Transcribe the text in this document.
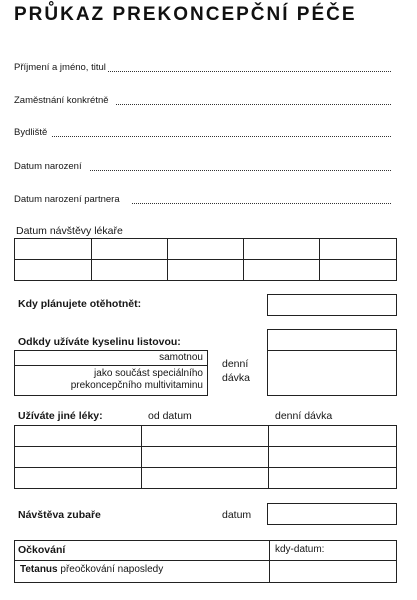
PRŮKAZ PREKONCEPČNÍ PÉČE
Příjmení a jméno, titul
Zaměstnání konkrétně
Bydliště
Datum narození
Datum narození partnera
Datum návštěvy lékaře
Kdy plánujete otěhotnět:
Odkdy užíváte kyselinu listovou:
samotnou
jako součást speciálního
prekoncepčního multivitaminu
denní
dávka
Užíváte jiné léky:	od datum	denní dávka
Návštěva zubaře	datum
Očkování	kdy-datum:
Tetanus přeočkování naposledy
